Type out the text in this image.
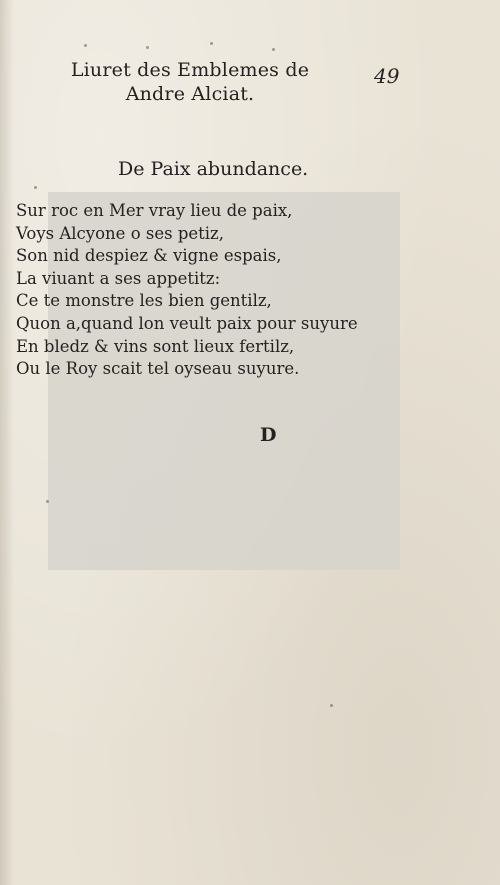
Liuret des Emblemes de
Andre Alciat.
49
De Paix abundance.
Sur roc en Mer vray lieu de paix,
Voys Alcyone o ses petiz,
Son nid despiez & vigne espais,
La viuant a ses appetitz:
Ce te monstre les bien gentilz,
Quon a,quand lon veult paix pour suyure
En bledz & vins sont lieux fertilz,
Ou le Roy scait tel oyseau suyure.
D
